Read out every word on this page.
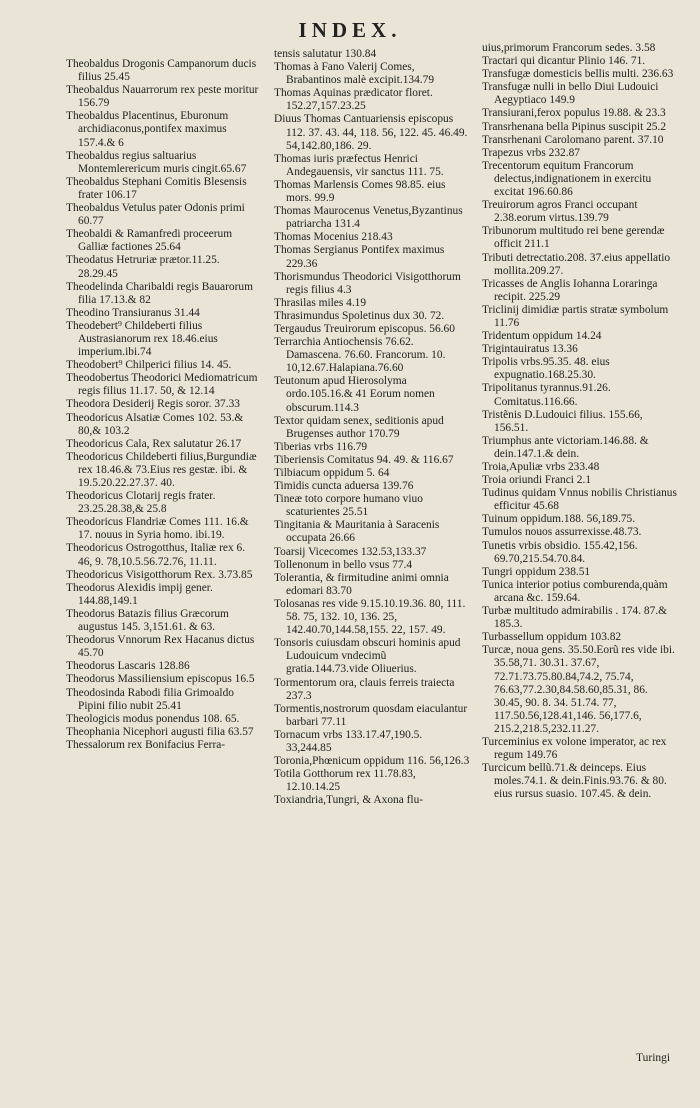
INDEX.
Theobaldus Drogonis Campanorum ducis filius 25.45
Theobaldus Nauarrorum rex peste moritur 156.79
Theobaldus Placentinus, Eburonum archidiaconus,pontifex maximus 157.4.& 6
Theobaldus regius saltuarius Montemlerericum muris cingit.65.67
Theobaldus Stephani Comitis Blesensis frater 106.17
Theobaldus Vetulus pater Odonis primi 60.77
Theobaldi & Ramanfredi proceerum Galliæ factiones 25.64
Theodatus Hetruriæ prætor.11.25. 28.29.45
Theodelinda Charibaldi regis Bauarorum filia 17.13.& 82
Theodino Transiuranus 31.44
Theodebert⁹ Childeberti filius Austrasianorum rex 18.46.eius imperium.ibi.74
Theodobert⁹ Chilperici filius 14. 45.
Theodobertus Theodorici Mediomatricum regis filius 11.17. 50, & 12.14
Theodora Desiderij Regis soror. 37.33
Theodoricus Alsatiæ Comes 102. 53.& 80,& 103.2
Theodoricus Cala, Rex salutatur 26.17
Theodoricus Childeberti filius,Burgundiæ rex 18.46.& 73.Eius res gestæ. ibi. & 19.5.20.22.27.37. 40.
Theodoricus Clotarij regis frater. 23.25.28.38,& 25.8
Theodoricus Flandriæ Comes 111. 16.& 17. nouus in Syria homo. ibi.19.
Theodoricus Ostrogotthus, Italiæ rex 6. 46, 9. 78,10.5.56.72.76, 11.11.
Theodoricus Visigotthorum Rex. 3.73.85
Theodorus Alexidis impij gener. 144.88,149.1
Theodorus Batazis filius Græcorum augustus 145. 3,151.61. & 63.
Theodorus Vnnorum Rex Hacanus dictus 45.70
Theodorus Lascaris 128.86
Theodorus Massiliensium episcopus 16.5
Theodosinda Rabodi filia Grimoaldo Pipini filio nubit 25.41
Theologicis modus ponendus 108. 65.
Theophania Nicephori augusti filia 63.57
Thessalorum rex Bonifacius Ferra-
tensis salutatur 130.84
Thomas à Fano Valerij Comes, Brabantinos malè excipit.134.79
Thomas Aquinas prædicator floret. 152.27,157.23.25
Diuus Thomas Cantuariensis episcopus 112. 37. 43. 44, 118. 56, 122. 45. 46.49. 54,142.80,186. 29.
Thomas iuris præfectus Henrici Andegauensis, vir sanctus 111. 75.
Thomas Marlensis Comes 98.85. eius mors. 99.9
Thomas Maurocenus Venetus,Byzantinus patriarcha 131.4
Thomas Mocenius 218.43
Thomas Sergianus Pontifex maximus 229.36
Thorismundus Theodorici Visigotthorum regis filius 4.3
Thrasilas miles 4.19
Thrasimundus Spoletinus dux 30. 72.
Tergaudus Treuirorum episcopus. 56.60
Terrarchia Antiochensis 76.62. Damascena. 76.60. Francorum. 10. 10,12.67.Halapiana.76.60
Teutonum apud Hierosolyma ordo.105.16.& 41 Eorum nomen obscurum.114.3
Textor quidam senex, seditionis apud Brugenses author 170.79
Tiberias vrbs 116.79
Tiberiensis Comitatus 94. 49. & 116.67
Tilbiacum oppidum 5. 64
Timidis cuncta aduersa 139.76
Tineæ toto corpore humano viuo scaturientes 25.51
Tingitania & Mauritania à Saracenis occupata 26.66
Toarsij Vicecomes 132.53,133.37
Tollenonum in bello vsus 77.4
Tolerantia, & firmitudine animi omnia edomari 83.70
Tolosanas res vide 9.15.10.19.36. 80, 111. 58. 75, 132. 10, 136. 25, 142.40.70,144.58,155. 22, 157. 49.
Tonsoris cuiusdam obscuri hominis apud Ludouicum vndecimũ gratia.144.73.vide Oliuerius.
Tormentorum ora, clauis ferreis traiecta 237.3
Tormentis,nostrorum quosdam eiaculantur barbari 77.11
Tornacum vrbs 133.17.47,190.5. 33,244.85
Toronia,Phœnicum oppidum 116. 56,126.3
Totila Gotthorum rex 11.78.83, 12.10.14.25
Toxiandria,Tungri, & Axona flu-
uius,primorum Francorum sedes. 3.58
Tractari qui dicantur Plinio 146. 71.
Transfugæ domesticis bellis multi. 236.63
Transfugæ nulli in bello Diui Ludouici Aegyptiaco 149.9
Transiurani,ferox populus 19.88. & 23.3
Transrhenana bella Pipinus suscipit 25.2
Transrhenani Carolomano parent. 37.10
Trapezus vrbs 232.87
Trecentorum equitum Francorum delectus,indignationem in exercitu excitat 196.60.86
Treuirorum agros Franci occupant 2.38.eorum virtus.139.79
Tribunorum multitudo rei bene gerendæ officit 211.1
Tributi detrectatio.208. 37.eius appellatio mollita.209.27.
Tricasses de Anglis Iohanna Loraringa recipit. 225.29
Triclinij dimidiæ partis stratæ symbolum 11.76
Tridentum oppidum 14.24
Trigintauiratus 13.36
Tripolis vrbs.95.35. 48. eius expugnatio.168.25.30.
Tripolitanus tyrannus.91.26. Comitatus.116.66.
Tristẽnis D.Ludouici filius. 155.66, 156.51.
Triumphus ante victoriam.146.88. & dein.147.1.& dein.
Troia,Apuliæ vrbs 233.48
Troia oriundi Franci 2.1
Tudinus quidam Vnnus nobilis Christianus efficitur 45.68
Tuinum oppidum.188. 56,189.75.
Tumulos nouos assurrexisse.48.73.
Tunetis vrbis obsidio. 155.42,156. 69.70,215.54.70.84.
Tungri oppidum 238.51
Tunica interior potius comburenda,quàm arcana &c. 159.64.
Turbæ multitudo admirabilis . 174. 87.& 185.3.
Turbassellum oppidum 103.82
Turcæ, noua gens. 35.50.Eorũ res vide ibi. 35.58,71. 30.31. 37.67, 72.71.73.75.80.84,74.2, 75.74, 76.63,77.2.30,84.58.60,85.31, 86. 30.45, 90. 8. 34. 51.74. 77, 117.50.56,128.41,146. 56,177.6, 215.2,218.5,232.11.27.
Turceminius ex volone imperator, ac rex regum 149.76
Turcicum bellũ.71.& deinceps. Eius moles.74.1. & dein.Finis.93.76. & 80. eius rursus suasio. 107.45. & dein.
Turingi
